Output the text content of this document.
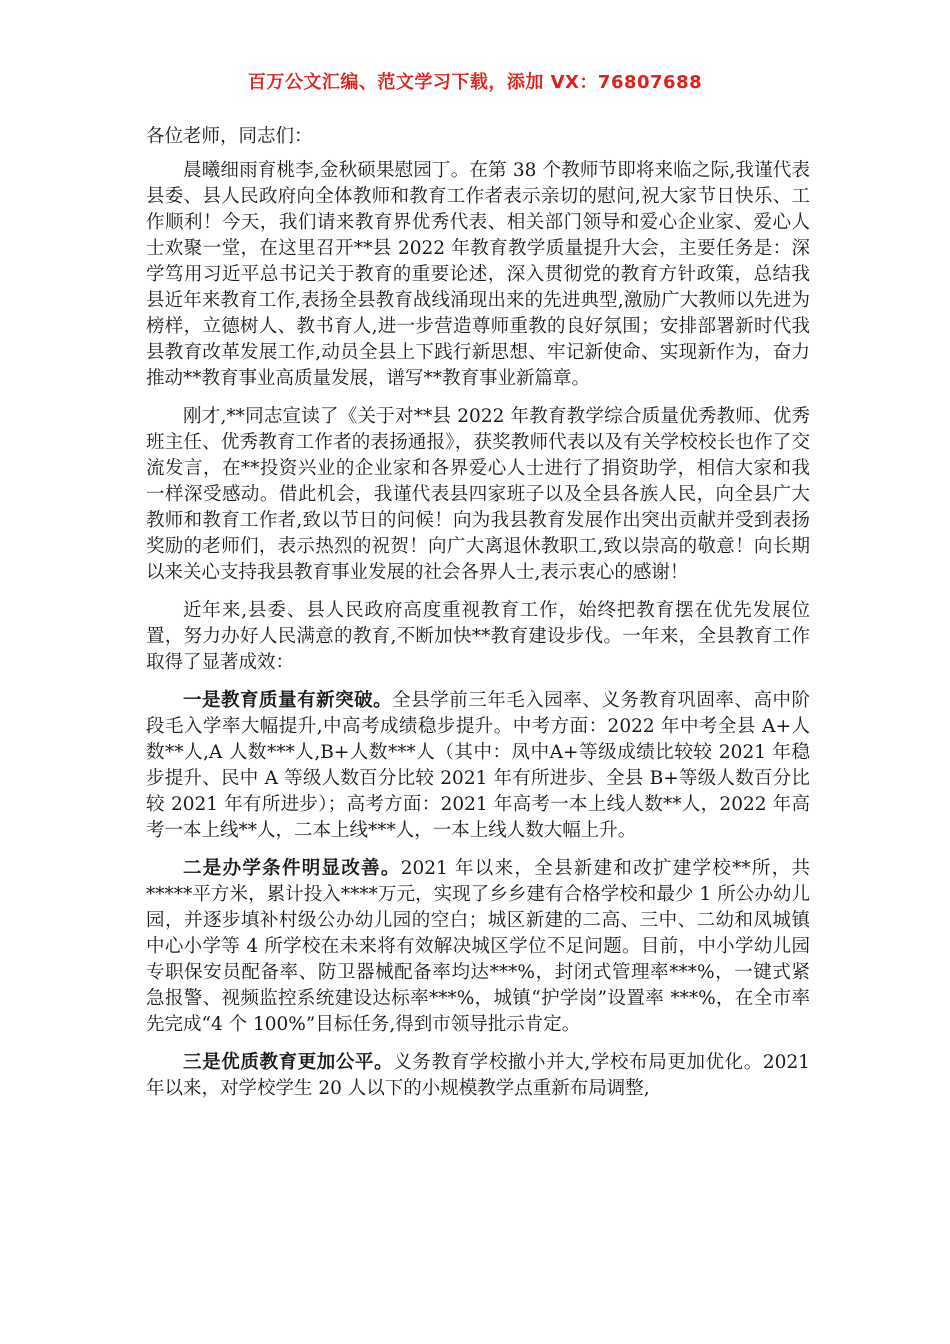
百万公文汇编、范文学习下载，添加 VX：76807688

各位老师，同志们：

晨曦细雨育桃李,金秋硕果慰园丁。在第 38 个教师节即将来临之际,我谨代表县委、县人民政府向全体教师和教育工作者表示亲切的慰问,祝大家节日快乐、工作顺利！今天，我们请来教育界优秀代表、相关部门领导和爱心企业家、爱心人士欢聚一堂，在这里召开**县 2022 年教育教学质量提升大会，主要任务是：深学笃用习近平总书记关于教育的重要论述，深入贯彻党的教育方针政策，总结我县近年来教育工作,表扬全县教育战线涌现出来的先进典型,激励广大教师以先进为榜样，立德树人、教书育人,进一步营造尊师重教的良好氛围；安排部署新时代我县教育改革发展工作,动员全县上下践行新思想、牢记新使命、实现新作为，奋力推动**教育事业高质量发展，谱写**教育事业新篇章。

刚才,**同志宣读了《关于对**县 2022 年教育教学综合质量优秀教师、优秀班主任、优秀教育工作者的表扬通报》，获奖教师代表以及有关学校校长也作了交流发言，在**投资兴业的企业家和各界爱心人士进行了捐资助学，相信大家和我一样深受感动。借此机会，我谨代表县四家班子以及全县各族人民，向全县广大教师和教育工作者,致以节日的问候！向为我县教育发展作出突出贡献并受到表扬奖励的老师们，表示热烈的祝贺！向广大离退休教职工,致以崇高的敬意！向长期以来关心支持我县教育事业发展的社会各界人士,表示衷心的感谢！

近年来,县委、县人民政府高度重视教育工作，始终把教育摆在优先发展位置，努力办好人民满意的教育,不断加快**教育建设步伐。一年来，全县教育工作取得了显著成效：

一是教育质量有新突破。全县学前三年毛入园率、义务教育巩固率、高中阶段毛入学率大幅提升,中高考成绩稳步提升。中考方面：2022 年中考全县 A+人数**人,A 人数***人,B+人数***人（其中：凤中A+等级成绩比较较 2021 年稳步提升、民中 A 等级人数百分比较 2021 年有所进步、全县 B+等级人数百分比较 2021 年有所进步）；高考方面：2021 年高考一本上线人数**人，2022 年高考一本上线**人，二本上线***人，一本上线人数大幅上升。

二是办学条件明显改善。2021 年以来，全县新建和改扩建学校**所，共*****平方米，累计投入****万元，实现了乡乡建有合格学校和最少 1 所公办幼儿园，并逐步填补村级公办幼儿园的空白；城区新建的二高、三中、二幼和凤城镇中心小学等 4 所学校在未来将有效解决城区学位不足问题。目前，中小学幼儿园专职保安员配备率、防卫器械配备率均达***%，封闭式管理率***%，一键式紧急报警、视频监控系统建设达标率***%，城镇“护学岗”设置率 ***%，在全市率先完成“4 个 100%”目标任务,得到市领导批示肯定。

三是优质教育更加公平。义务教育学校撤小并大,学校布局更加优化。2021 年以来，对学校学生 20 人以下的小规模教学点重新布局调整,
